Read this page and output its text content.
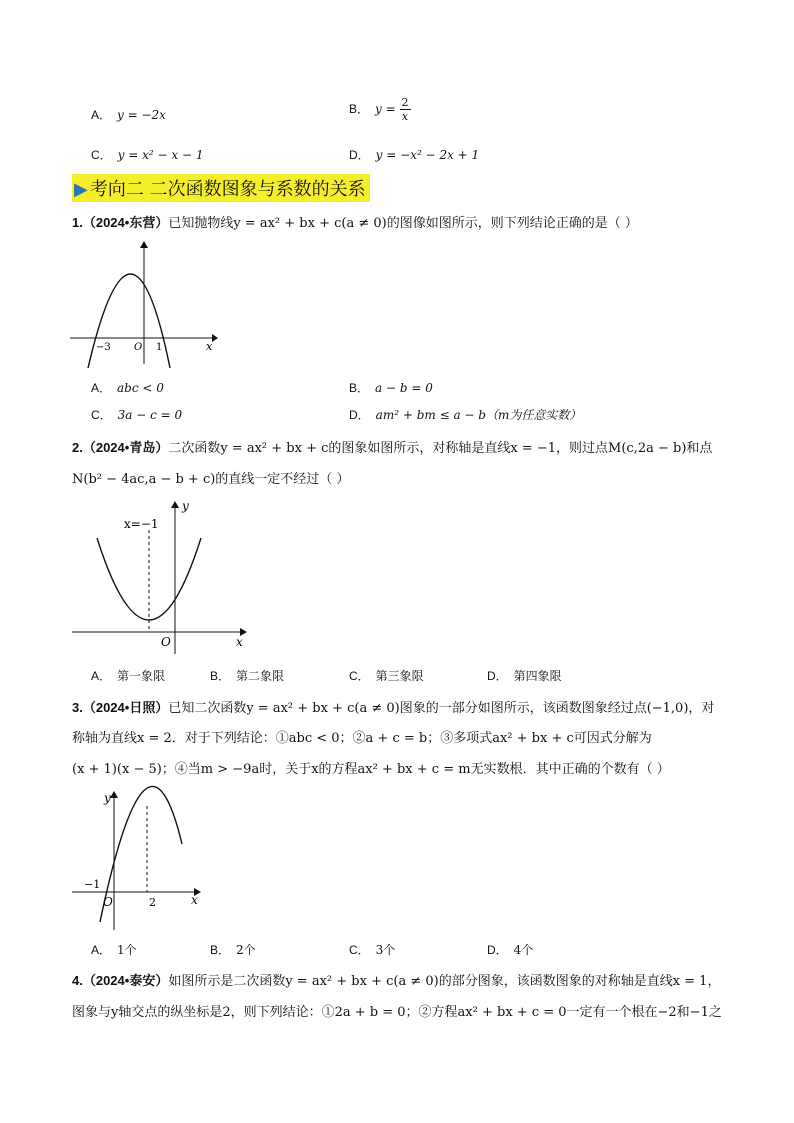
A． y = −2x	B． $y = \frac{2}{x}$
C． y = x² − x − 1	D． y = −x² − 2x + 1
▶ 考向二 二次函数图象与系数的关系
1.（2024•东营）已知抛物线y = ax² + bx + c(a ≠ 0)的图像如图所示，则下列结论正确的是（ ）
x
−3 O 1
A． abc < 0	B． a − b = 0
C． 3a − c = 0	D． am² + bm ≤ a − b（m为任意实数）
2.（2024•青岛）二次函数y = ax² + bx + c的图象如图所示，对称轴是直线x = −1，则过点M(c,2a − b)和点
N(b² − 4ac,a − b + c)的直线一定不经过（ ）
y
x=−1
O	x
A． 第一象限	B． 第二象限	C． 第三象限	D． 第四象限
3.（2024•日照）已知二次函数y = ax² + bx + c(a ≠ 0)图象的一部分如图所示，该函数图象经过点(−1,0)，对
称轴为直线x = 2．对于下列结论：①abc < 0；②a + c = b；③多项式ax² + bx + c可因式分解为
(x + 1)(x − 5)；④当m > −9a时，关于x的方程ax² + bx + c = m无实数根．其中正确的个数有（ ）
y
−1
O	2	x
A． 1个	B． 2个	C． 3个	D． 4个
4.（2024•泰安）如图所示是二次函数y = ax² + bx + c(a ≠ 0)的部分图象，该函数图象的对称轴是直线x = 1，
图象与y轴交点的纵坐标是2，则下列结论：①2a + b = 0；②方程ax² + bx + c = 0一定有一个根在−2和−1之
